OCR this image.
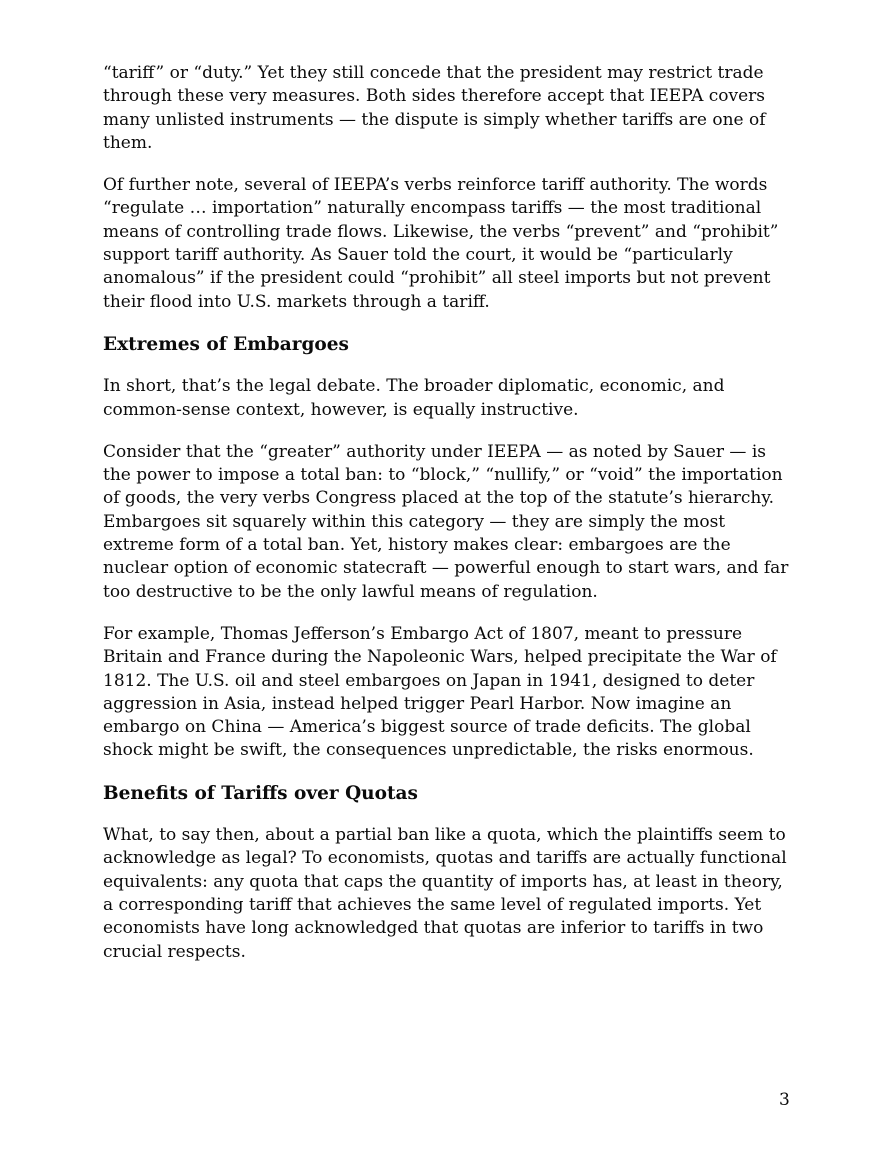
“tariff” or “duty.” Yet they still concede that the president may restrict trade through these very measures. Both sides therefore accept that IEEPA covers many unlisted instruments — the dispute is simply whether tariffs are one of them.

Of further note, several of IEEPA’s verbs reinforce tariff authority. The words “regulate … importation” naturally encompass tariffs — the most traditional means of controlling trade flows. Likewise, the verbs “prevent” and “prohibit” support tariff authority. As Sauer told the court, it would be “particularly anomalous” if the president could “prohibit” all steel imports but not prevent their flood into U.S. markets through a tariff.

Extremes of Embargoes

In short, that’s the legal debate. The broader diplomatic, economic, and common-sense context, however, is equally instructive.

Consider that the “greater” authority under IEEPA — as noted by Sauer — is the power to impose a total ban: to “block,” “nullify,” or “void” the importation of goods, the very verbs Congress placed at the top of the statute’s hierarchy. Embargoes sit squarely within this category — they are simply the most extreme form of a total ban. Yet, history makes clear: embargoes are the nuclear option of economic statecraft — powerful enough to start wars, and far too destructive to be the only lawful means of regulation.

For example, Thomas Jefferson’s Embargo Act of 1807, meant to pressure Britain and France during the Napoleonic Wars, helped precipitate the War of 1812. The U.S. oil and steel embargoes on Japan in 1941, designed to deter aggression in Asia, instead helped trigger Pearl Harbor. Now imagine an embargo on China — America’s biggest source of trade deficits. The global shock might be swift, the consequences unpredictable, the risks enormous.

Benefits of Tariffs over Quotas

What, to say then, about a partial ban like a quota, which the plaintiffs seem to acknowledge as legal? To economists, quotas and tariffs are actually functional equivalents: any quota that caps the quantity of imports has, at least in theory, a corresponding tariff that achieves the same level of regulated imports. Yet economists have long acknowledged that quotas are inferior to tariffs in two crucial respects.

3
